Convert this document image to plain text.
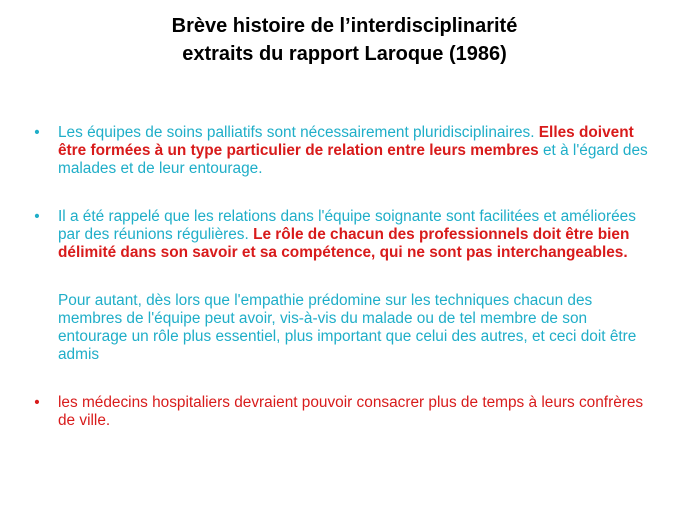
Brève histoire de l’interdisciplinarité
extraits du rapport Laroque (1986)

• Les équipes de soins palliatifs sont nécessairement pluridisciplinaires. Elles doivent être formées à un type particulier de relation entre leurs membres et à l'égard des malades et de leur entourage.

• Il a été rappelé que les relations dans l'équipe soignante sont facilitées et améliorées par des réunions régulières. Le rôle de chacun des professionnels doit être bien délimité dans son savoir et sa compétence, qui ne sont pas interchangeables.

Pour autant, dès lors que l'empathie prédomine sur les techniques chacun des membres de l'équipe peut avoir, vis-à-vis du malade ou de tel membre de son entourage un rôle plus essentiel, plus important que celui des autres, et ceci doit être admis

• les médecins hospitaliers devraient pouvoir consacrer plus de temps à leurs confrères de ville.
